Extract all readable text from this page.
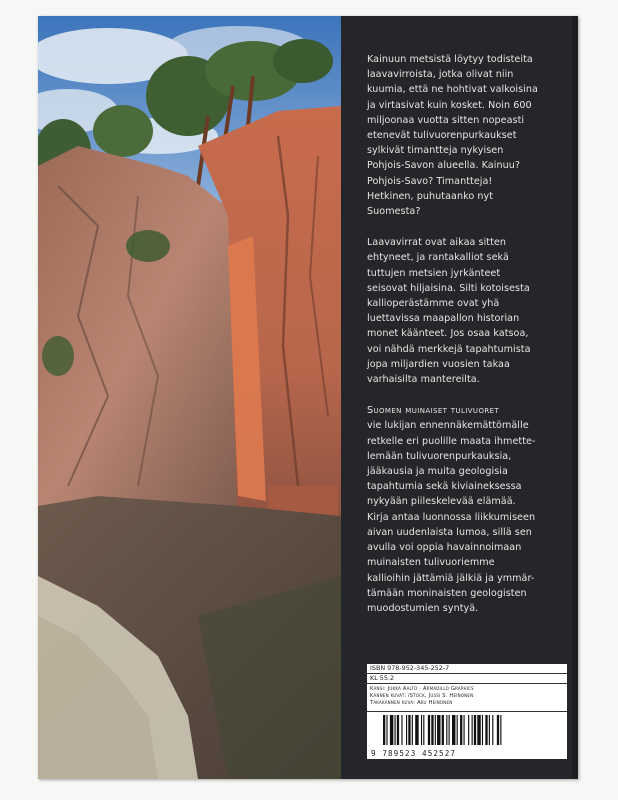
Kainuun metsistä löytyy todisteita
laavavirroista, jotka olivat niin
kuumia, että ne hohtivat valkoisina
ja virtasivat kuin kosket. Noin 600
miljoonaa vuotta sitten nopeasti
etenevät tulivuorenpurkaukset
sylkivät timantteja nykyisen
Pohjois-Savon alueella. Kainuu?
Pohjois-Savo? Timantteja!
Hetkinen, puhutaanko nyt
Suomesta?

Laavavirrat ovat aikaa sitten
ehtyneet, ja rantakalliot sekä
tuttujen metsien jyrkänteet
seisovat hiljaisina. Silti kotoisesta
kallioperästämme ovat yhä
luettavissa maapallon historian
monet käänteet. Jos osaa katsoa,
voi nähdä merkkejä tapahtumista
jopa miljardien vuosien takaa
varhaisilta mantereilta.

Suomen muinaiset tulivuoret
vie lukijan ennennäkemättömälle
retkelle eri puolille maata ihmette-
lemään tulivuorenpurkauksia,
jääkausia ja muita geologisia
tapahtumia sekä kiviaineksessa
nykyään piileskelevää elämää.
Kirja antaa luonnossa liikkumiseen
aivan uudenlaista lumoa, sillä sen
avulla voi oppia havainnoimaan
muinaisten tulivuoriemme
kallioihin jättämiä jälkiä ja ymmär-
tämään moninaisten geologisten
muodostumien syntyä.

ISBN 978-952-345-252-7
KL 55.2
Kansi: Jukka Aalto · Armadillo Graphics
Kannen kuvat: iStock, Jussi S. Heinonen
Takakannen kuva: Aku Heinonen
9 789523 452527
